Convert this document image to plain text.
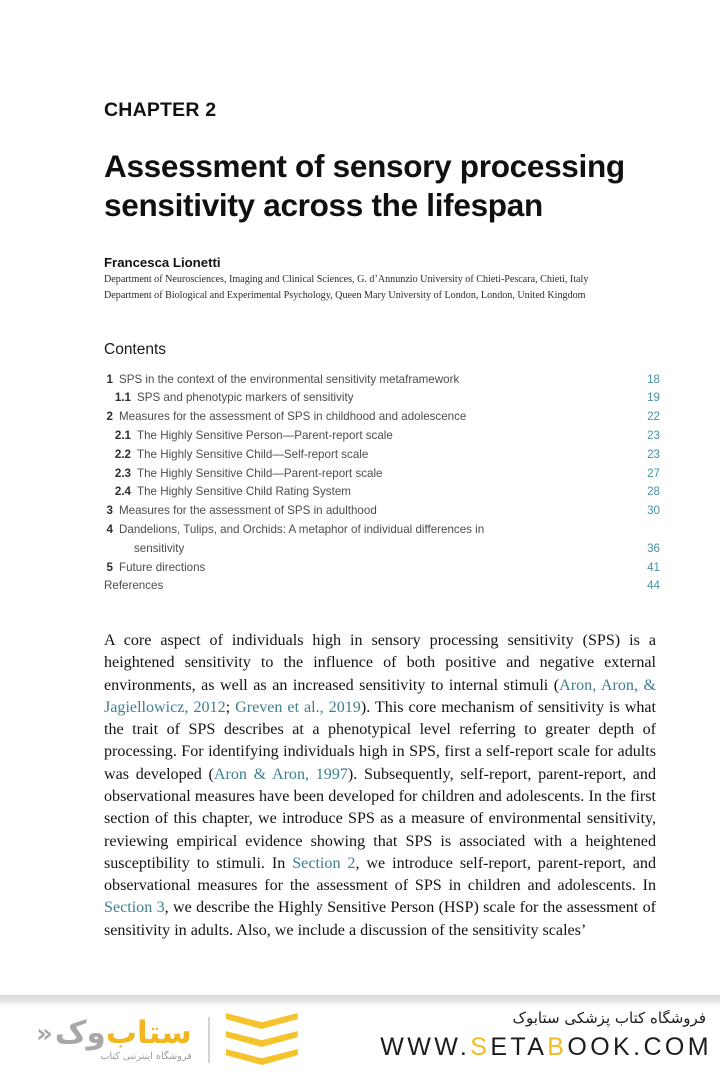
CHAPTER 2
Assessment of sensory processing sensitivity across the lifespan
Francesca Lionetti

Department of Neurosciences, Imaging and Clinical Sciences, G. d’Annunzio University of Chieti-Pescara, Chieti, Italy

Department of Biological and Experimental Psychology, Queen Mary University of London, London, United Kingdom

Contents
1 SPS in the context of the environmental sensitivity metaframework	18
1.1 SPS and phenotypic markers of sensitivity	19
2 Measures for the assessment of SPS in childhood and adolescence	22
2.1 The Highly Sensitive Person—Parent-report scale	23
2.2 The Highly Sensitive Child—Self-report scale	23
2.3 The Highly Sensitive Child—Parent-report scale	27
2.4 The Highly Sensitive Child Rating System	28
3 Measures for the assessment of SPS in adulthood	30
4 Dandelions, Tulips, and Orchids: A metaphor of individual differences in
sensitivity	36
5 Future directions	41
References	44

A core aspect of individuals high in sensory processing sensitivity (SPS) is a heightened sensitivity to the influence of both positive and negative external environments, as well as an increased sensitivity to internal stimuli (Aron, Aron, & Jagiellowicz, 2012; Greven et al., 2019). This core mechanism of sensitivity is what the trait of SPS describes at a phenotypical level referring to greater depth of processing. For identifying individuals high in SPS, first a self-report scale for adults was developed (Aron & Aron, 1997). Subsequently, self-report, parent-report, and observational measures have been developed for children and adolescents. In the first section of this chapter, we introduce SPS as a measure of environmental sensitivity, reviewing empirical evidence showing that SPS is associated with a heightened susceptibility to stimuli. In Section 2, we introduce self-report, parent-report, and observational measures for the assessment of SPS in children and adolescents. In Section 3, we describe the Highly Sensitive Person (HSP) scale for the assessment of sensitivity in adults. Also, we include a discussion of the sensitivity scales’

ستاب
وک
«
فروشگاه اینترنتی کتاب
فروشگاه کتاب پزشکی ستابوک
WWW.SETABOOK.COM
